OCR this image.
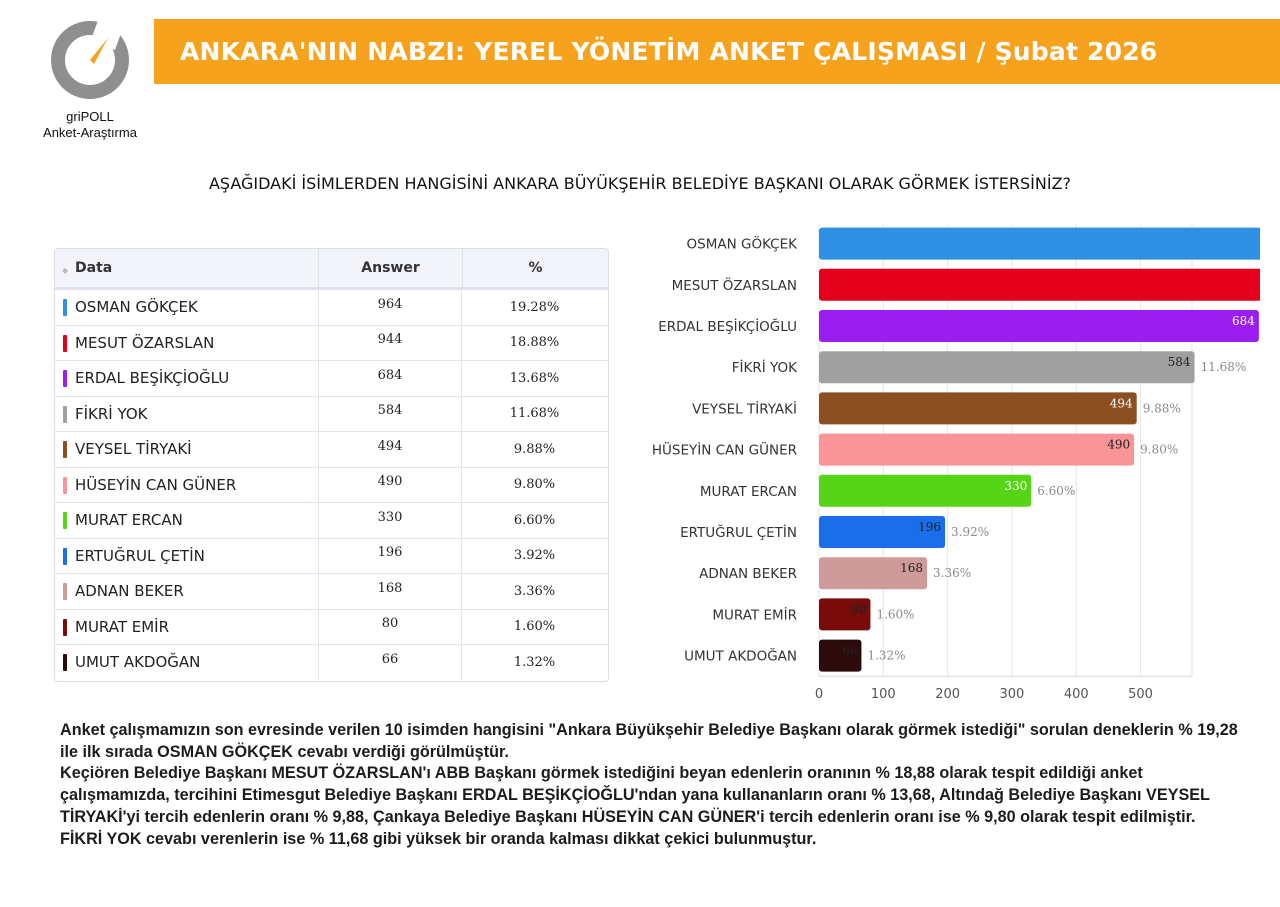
griPOLL
Anket-Araştırma
ANKARA'NIN NABZI: YEREL YÖNETİM ANKET ÇALIŞMASI / Şubat 2026
AŞAĞIDAKİ İSİMLERDEN HANGİSİNİ ANKARA BÜYÜKŞEHİR BELEDİYE BAŞKANI OLARAK GÖRMEK İSTERSİNİZ?
◆ Data	Answer	%
OSMAN GÖKÇEK	964	19.28%
MESUT ÖZARSLAN	944	18.88%
ERDAL BEŞİKÇİOĞLU	684	13.68%
FİKRİ YOK	584	11.68%
VEYSEL TİRYAKİ	494	9.88%
HÜSEYİN CAN GÜNER	490	9.80%
MURAT ERCAN	330	6.60%
ERTUĞRUL ÇETİN	196	3.92%
ADNAN BEKER	168	3.36%
MURAT EMİR	80	1.60%
UMUT AKDOĞAN	66	1.32%
0	100	200	300	400	500
OSMAN GÖKÇEK
MESUT ÖZARSLAN
ERDAL BEŞİKÇİOĞLU	684
FİKRİ YOK	584 11.68%
VEYSEL TİRYAKİ	494 9.88%
HÜSEYİN CAN GÜNER	490 9.80%
MURAT ERCAN	330 6.60%
ERTUĞRUL ÇETİN	196 3.92%
ADNAN BEKER	168 3.36%
MURAT EMİR	80 1.60%
UMUT AKDOĞAN	66 1.32%

Anket çalışmamızın son evresinde verilen 10 isimden hangisini "Ankara Büyükşehir Belediye Başkanı olarak görmek istediği" sorulan deneklerin % 19,28 ile ilk sırada OSMAN GÖKÇEK cevabı verdiği görülmüştür.

Keçiören Belediye Başkanı MESUT ÖZARSLAN'ı ABB Başkanı görmek istediğini beyan edenlerin oranının % 18,88 olarak tespit edildiği anket çalışmamızda, tercihini Etimesgut Belediye Başkanı ERDAL BEŞİKÇİOĞLU'ndan yana kullananların oranı % 13,68, Altındağ Belediye Başkanı VEYSEL TİRYAKİ'yi tercih edenlerin oranı % 9,88, Çankaya Belediye Başkanı HÜSEYİN CAN GÜNER'i tercih edenlerin oranı ise % 9,80 olarak tespit edilmiştir.

FİKRİ YOK cevabı verenlerin ise % 11,68 gibi yüksek bir oranda kalması dikkat çekici bulunmuştur.
